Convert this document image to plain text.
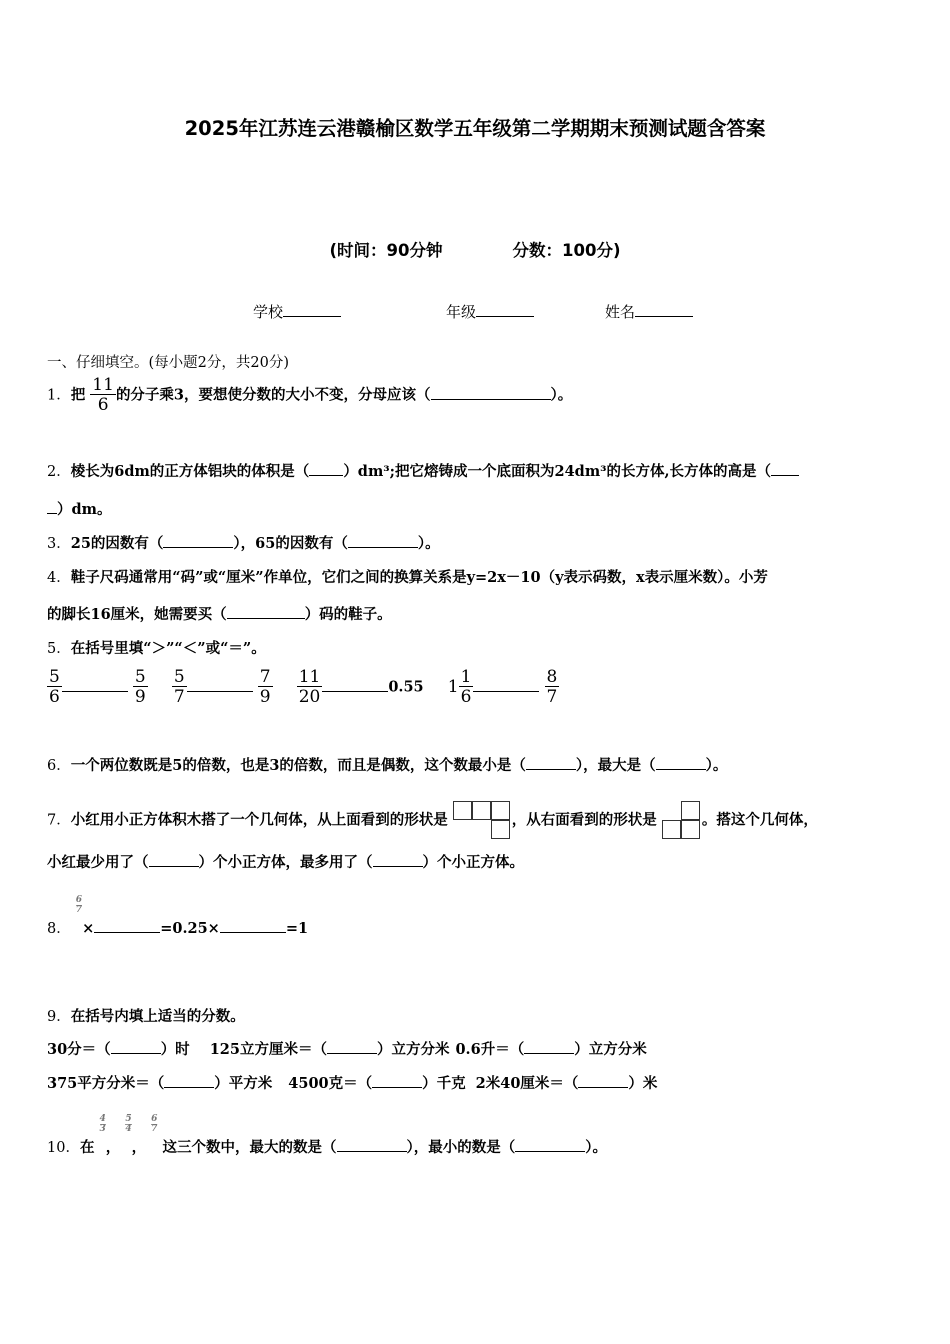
2025年江苏连云港赣榆区数学五年级第二学期期末预测试题含答案
(时间：90分钟	分数：100分)
学校	年级	姓名
一、仔细填空。(每小题2分，共20分)
1．把 $\frac{11}{6}$ 的分子乘3，要想使分数的大小不变，分母应该（	）。
2．棱长为6dm的正方体铝块的体积是（ ）dm³;把它熔铸成一个底面积为24dm³的长方体,长方体的高是（
）dm。
3．25的因数有（	），65的因数有（	）。
4．鞋子尺码通常用“码”或“厘米”作单位，它们之间的换算关系是y=2x－10（y表示码数，x表示厘米数）。小芳
的脚长16厘米，她需要买（	）码的鞋子。
5．在括号里填“＞”“＜”或“＝”。
$\frac{5}{6}$
	$\frac{5}{9}$
$\frac{5}{7}$
	$\frac{7}{9}$
$\frac{11}{20}$	0.55 $1 \frac{1}{6}$
	$\frac{8}{7}$
6．一个两位数既是5的倍数，也是3的倍数，而且是偶数，这个数最小是（	），最大是（	）。
7．小红用小正方体积木搭了一个几何体，从上面看到的形状是	，从右面看到的形状是	。搭这个几何体，
小红最少用了（	）个小正方体，最多用了（	）个小正方体。
8．
$\frac{6}{7}$
×	=0.25×	=1
9．在括号内填上适当的分数。
30分＝（	）时 125立方厘米＝（	）立方分米 0.6升＝（	）立方分米
375平方分米＝（	）平方米 4500克＝（	）千克 2米40厘米＝（	）米
10．在
$\frac{4}{3}$
，
$\frac{5}{4}$
，
$\frac{6}{7}$
这三个数中，最大的数是（	），最小的数是（	）。
